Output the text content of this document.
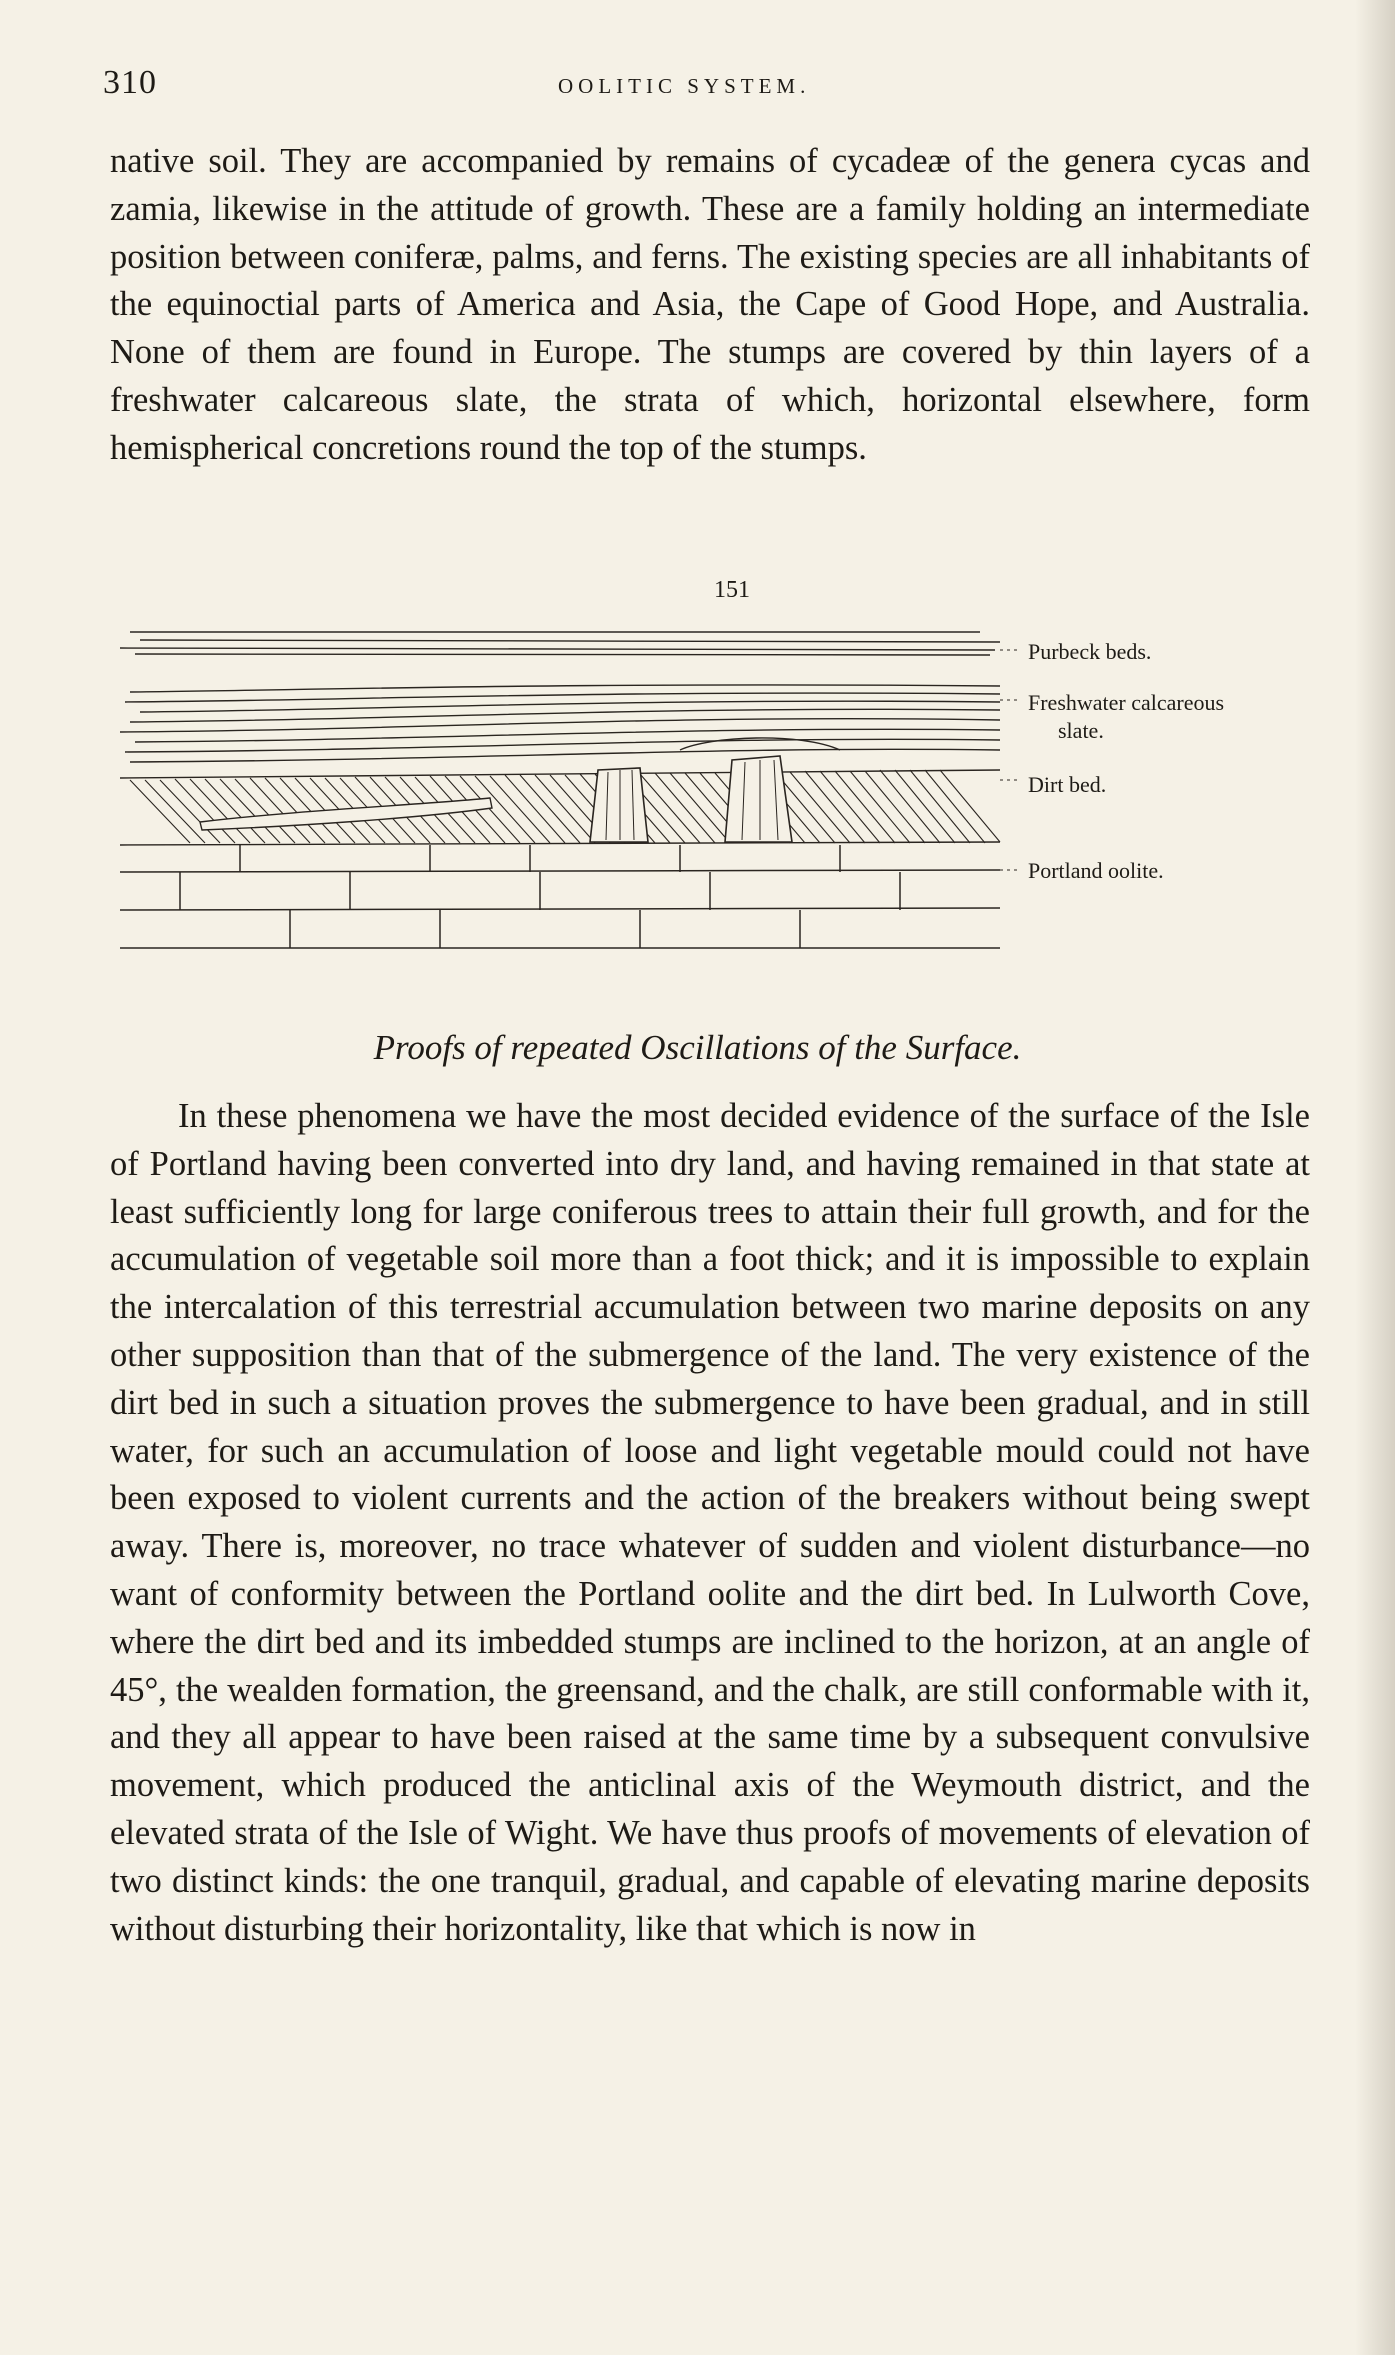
310	OOLITIC SYSTEM.

native soil. They are accompanied by remains of cycadeæ of the genera cycas and zamia, likewise in the attitude of growth. These are a family holding an intermediate position between coniferæ, palms, and ferns. The existing species are all inhabitants of the equinoctial parts of America and Asia, the Cape of Good Hope, and Australia. None of them are found in Europe. The stumps are covered by thin layers of a freshwater calcareous slate, the strata of which, horizontal elsewhere, form hemispherical concretions round the top of the stumps.

151
Purbeck beds.
Freshwater calcareous
slate.
Dirt bed.
Portland oolite.
Proofs of repeated Oscillations of the Surface.

In these phenomena we have the most decided evidence of the surface of the Isle of Portland having been converted into dry land, and having remained in that state at least sufficiently long for large coniferous trees to attain their full growth, and for the accumulation of vegetable soil more than a foot thick; and it is impossible to explain the intercalation of this terrestrial accumulation between two marine deposits on any other supposition than that of the submergence of the land. The very existence of the dirt bed in such a situation proves the submergence to have been gradual, and in still water, for such an accumulation of loose and light vegetable mould could not have been exposed to violent currents and the action of the breakers without being swept away. There is, moreover, no trace whatever of sudden and violent disturbance—no want of conformity between the Portland oolite and the dirt bed. In Lulworth Cove, where the dirt bed and its imbedded stumps are inclined to the horizon, at an angle of 45°, the wealden formation, the greensand, and the chalk, are still conformable with it, and they all appear to have been raised at the same time by a subsequent convulsive movement, which produced the anticlinal axis of the Weymouth district, and the elevated strata of the Isle of Wight. We have thus proofs of movements of elevation of two distinct kinds: the one tranquil, gradual, and capable of elevating marine deposits without disturbing their horizontality, like that which is now in
